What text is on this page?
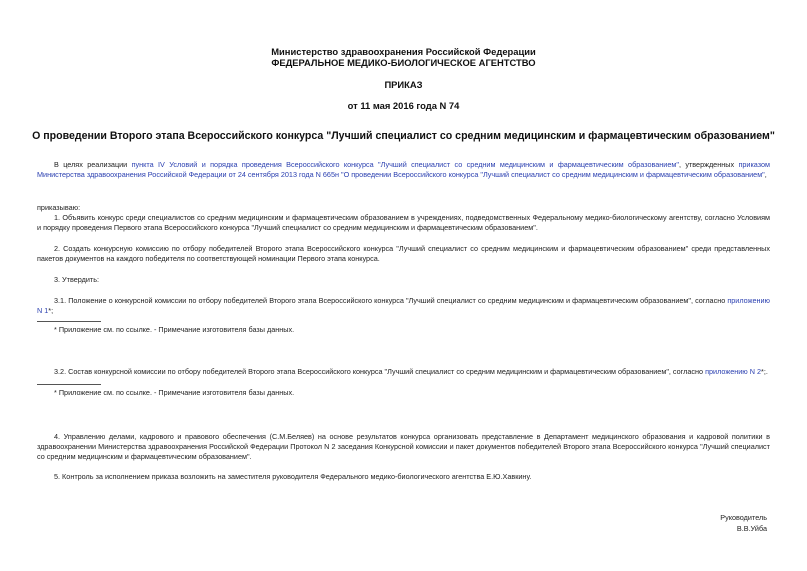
Министерство здравоохранения Российской Федерации
ФЕДЕРАЛЬНОЕ МЕДИКО-БИОЛОГИЧЕСКОЕ АГЕНТСТВО
ПРИКАЗ
от 11 мая 2016 года N 74
О проведении Второго этапа Всероссийского конкурса "Лучший специалист со средним медицинским и фармацевтическим образованием"
В целях реализации пункта IV Условий и порядка проведения Всероссийского конкурса "Лучший специалист со средним медицинским и фармацевтическим образованием", утвержденных приказом Министерства здравоохранения Российской Федерации от 24 сентября 2013 года N 665н "О проведении Всероссийского конкурса "Лучший специалист со средним медицинским и фармацевтическим образованием",
приказываю:
1. Объявить конкурс среди специалистов со средним медицинским и фармацевтическим образованием в учреждениях, подведомственных Федеральному медико-биологическому агентству, согласно Условиям и порядку проведения Первого этапа Всероссийского конкурса "Лучший специалист со средним медицинским и фармацевтическим образованием".
2. Создать конкурсную комиссию по отбору победителей Второго этапа Всероссийского конкурса "Лучший специалист со средним медицинским и фармацевтическим образованием" среди представленных пакетов документов на каждого победителя по соответствующей номинации Первого этапа конкурса.
3. Утвердить:
3.1. Положение о конкурсной комиссии по отбору победителей Второго этапа Всероссийского конкурса "Лучший специалист со средним медицинским и фармацевтическим образованием", согласно приложению N 1*;
* Приложение см. по ссылке. - Примечание изготовителя базы данных.
3.2. Состав конкурсной комиссии по отбору победителей Второго этапа Всероссийского конкурса "Лучший специалист со средним медицинским и фармацевтическим образованием", согласно приложению N 2*;.
* Приложение см. по ссылке. - Примечание изготовителя базы данных.
4. Управлению делами, кадрового и правового обеспечения (С.М.Беляев) на основе результатов конкурса организовать представление в Департамент медицинского образования и кадровой политики в здравоохранении Министерства здравоохранения Российской Федерации Протокол N 2 заседания Конкурсной комиссии и пакет документов победителей Второго этапа Всероссийского конкурса "Лучший специалист со средним медицинским и фармацевтическим образованием".
5. Контроль за исполнением приказа возложить на заместителя руководителя Федерального медико-биологического агентства Е.Ю.Хавкину.
Руководитель
В.В.Уйба
